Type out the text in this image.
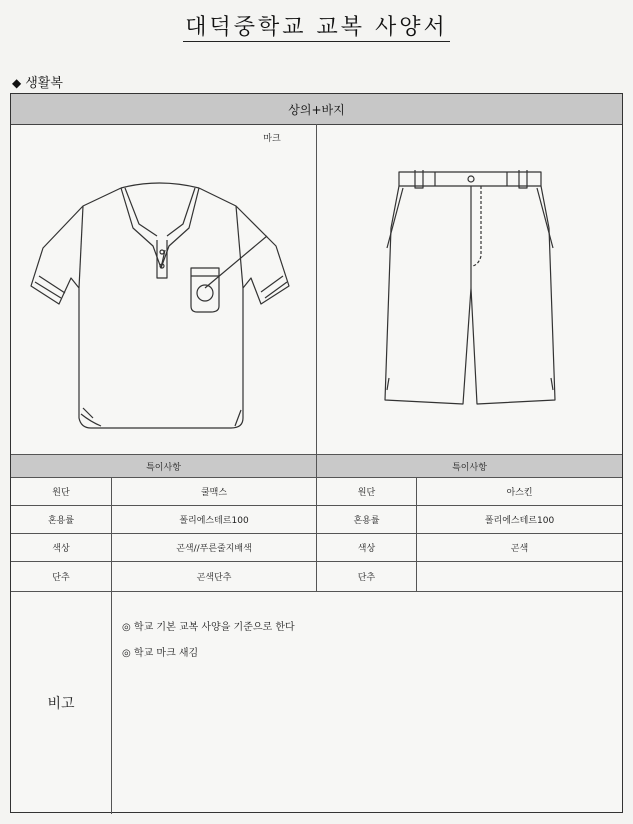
대덕중학교 교복 사양서
◆ 생활복
상의+바지
마크
특이사항	특이사항
원단	쿨맥스	원단	아스킨
혼용률	폴리에스테르100	혼용률	폴리에스테르100
색상	곤색//푸른줄지배색	색상	곤색
단추	곤색단추	단추
비고
◎ 학교 기본 교복 사양을 기준으로 한다
◎ 학교 마크 새김
